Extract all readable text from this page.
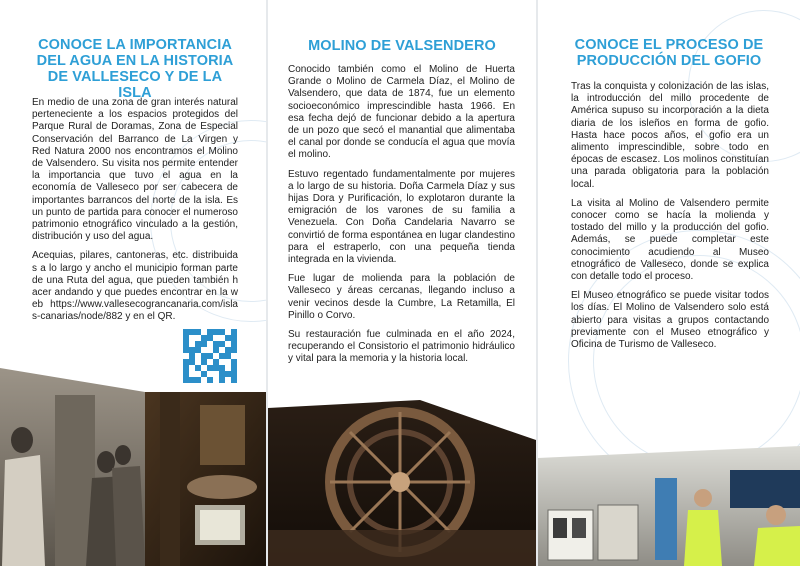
CONOCE LA IMPORTANCIA DEL AGUA EN LA HISTORIA DE VALLESECO Y DE LA ISLA

En medio de una zona de gran interés natural perteneciente a los espacios protegidos del Parque Rural de Doramas, Zona de Especial Conservación del Barranco de La Virgen y Red Natura 2000 nos encontramos el Molino de Valsendero. Su visita nos permite entender la importancia que tuvo el agua en la economía de Valleseco por ser cabecera de importantes barrancos del norte de la isla. Es un punto de partida para conocer el numeroso patrimonio etnográfico vinculado a la gestión, distribución y uso del agua.

Acequias, pilares, cantoneras, etc. distribuidas a lo largo y ancho el municipio forman parte de una Ruta del agua, que pueden también hacer andando y que puedes encontrar en la web https://www.vallesecograncanaria.com/islas-canarias/node/882 y en el QR.

MOLINO DE VALSENDERO

Conocido también como el Molino de Huerta Grande o Molino de Carmela Díaz, el Molino de Valsendero, que data de 1874, fue un elemento socioeconómico imprescindible hasta 1966. En esa fecha dejó de funcionar debido a la apertura de un pozo que secó el manantial que alimentaba el canal por donde se conducía el agua que movía el molino.

Estuvo regentado fundamentalmente por mujeres a lo largo de su historia. Doña Carmela Díaz y sus hijas Dora y Purificación, lo explotaron durante la emigración de los varones de su familia a Venezuela. Con Doña Candelaria Navarro se convirtió de forma espontánea en lugar clandestino para el estraperlo, con una pequeña tienda integrada en la vivienda.

Fue lugar de molienda para la población de Valleseco y áreas cercanas, llegando incluso a venir vecinos desde la Cumbre, La Retamilla, El Pinillo o Corvo.

Su restauración fue culminada en el año 2024, recuperando el Consistorio el patrimonio hidráulico y vital para la memoria y la historia local.

CONOCE EL PROCESO DE PRODUCCIÓN DEL GOFIO

Tras la conquista y colonización de las islas, la introducción del millo procedente de América supuso su incorporación a la dieta diaria de los isleños en forma de gofio. Hasta hace pocos años, el gofio era un alimento imprescindible, sobre todo en épocas de escasez. Los molinos constituían una parada obligatoria para la población local.

La visita al Molino de Valsendero permite conocer como se hacía la molienda y tostado del millo y la producción del gofio. Además, se puede completar este conocimiento acudiendo al Museo etnográfico de Valleseco, donde se explica con detalle todo el proceso.

El Museo etnográfico se puede visitar todos los días. El Molino de Valsendero solo está abierto para visitas a grupos contactando previamente con el Museo etnográfico y Oficina de Turismo de Valleseco.
